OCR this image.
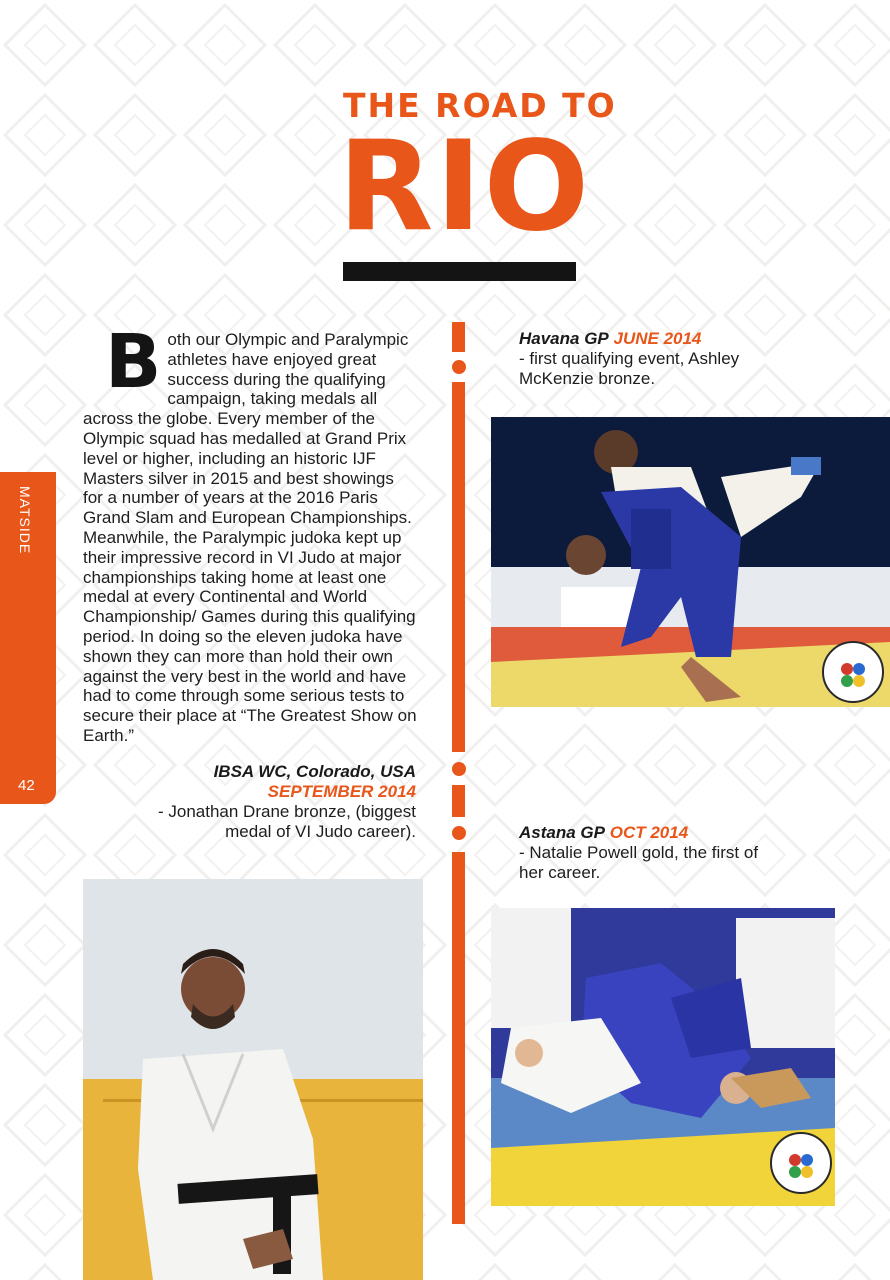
THE ROAD TO
RIO
MATSIDE
42
Both our Olympic and Paralympic athletes have enjoyed great success during the qualifying campaign, taking medals all across the globe. Every member of the Olympic squad has medalled at Grand Prix level or higher, including an historic IJF Masters silver in 2015 and best showings for a number of years at the 2016 Paris Grand Slam and European Championships. Meanwhile, the Paralympic judoka kept up their impressive record in VI Judo at major championships taking home at least one medal at every Continental and World Championship/ Games during this qualifying period. In doing so the eleven judoka have shown they can more than hold their own against the very best in the world and have had to come through some serious tests to secure their place at “The Greatest Show on Earth.”
IBSA WC, Colorado, USA
SEPTEMBER 2014
- Jonathan Drane bronze, (biggest medal of VI Judo career).
Havana GP JUNE 2014
- first qualifying event, Ashley McKenzie bronze.
Astana GP OCT 2014
- Natalie Powell gold, the first of her career.
